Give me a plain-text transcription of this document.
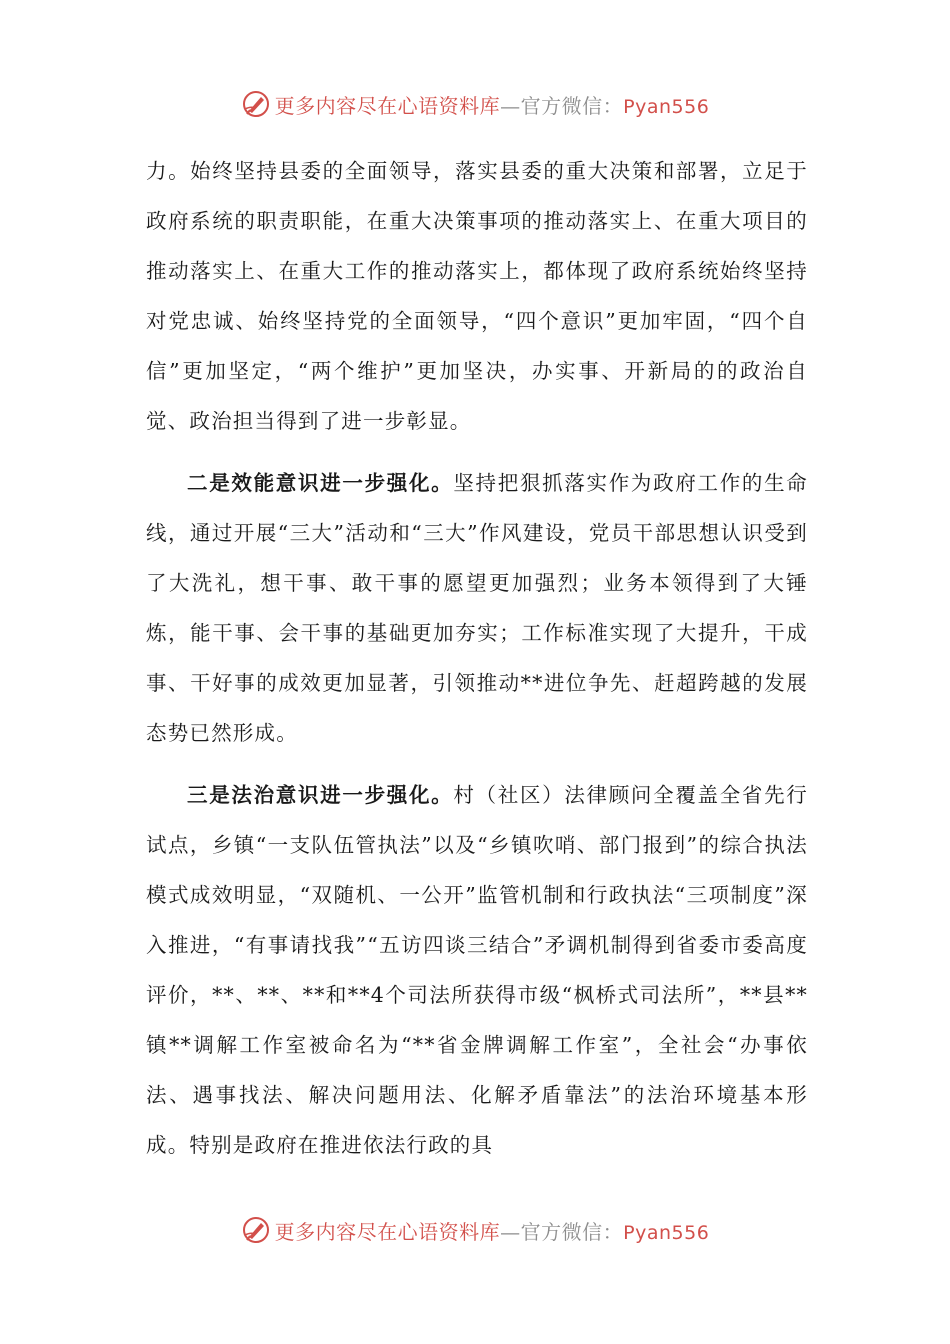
更多内容尽在心语资料库—官方微信：Pyan556

力。始终坚持县委的全面领导，落实县委的重大决策和部署，立足于政府系统的职责职能，在重大决策事项的推动落实上、在重大项目的推动落实上、在重大工作的推动落实上，都体现了政府系统始终坚持对党忠诚、始终坚持党的全面领导，“四个意识”更加牢固，“四个自信”更加坚定，“两个维护”更加坚决，办实事、开新局的的政治自觉、政治担当得到了进一步彰显。

二是效能意识进一步强化。坚持把狠抓落实作为政府工作的生命线，通过开展“三大”活动和“三大”作风建设，党员干部思想认识受到了大洗礼，想干事、敢干事的愿望更加强烈；业务本领得到了大锤炼，能干事、会干事的基础更加夯实；工作标准实现了大提升，干成事、干好事的成效更加显著，引领推动**进位争先、赶超跨越的发展态势已然形成。

三是法治意识进一步强化。村（社区）法律顾问全覆盖全省先行试点，乡镇“一支队伍管执法”以及“乡镇吹哨、部门报到”的综合执法模式成效明显，“双随机、一公开”监管机制和行政执法“三项制度”深入推进，“有事请找我”“五访四谈三结合”矛调机制得到省委市委高度评价，**、**、**和**4个司法所获得市级“枫桥式司法所”，**县**镇**调解工作室被命名为“**省金牌调解工作室”，全社会“办事依法、遇事找法、解决问题用法、化解矛盾靠法”的法治环境基本形成。特别是政府在推进依法行政的具

更多内容尽在心语资料库—官方微信：Pyan556
